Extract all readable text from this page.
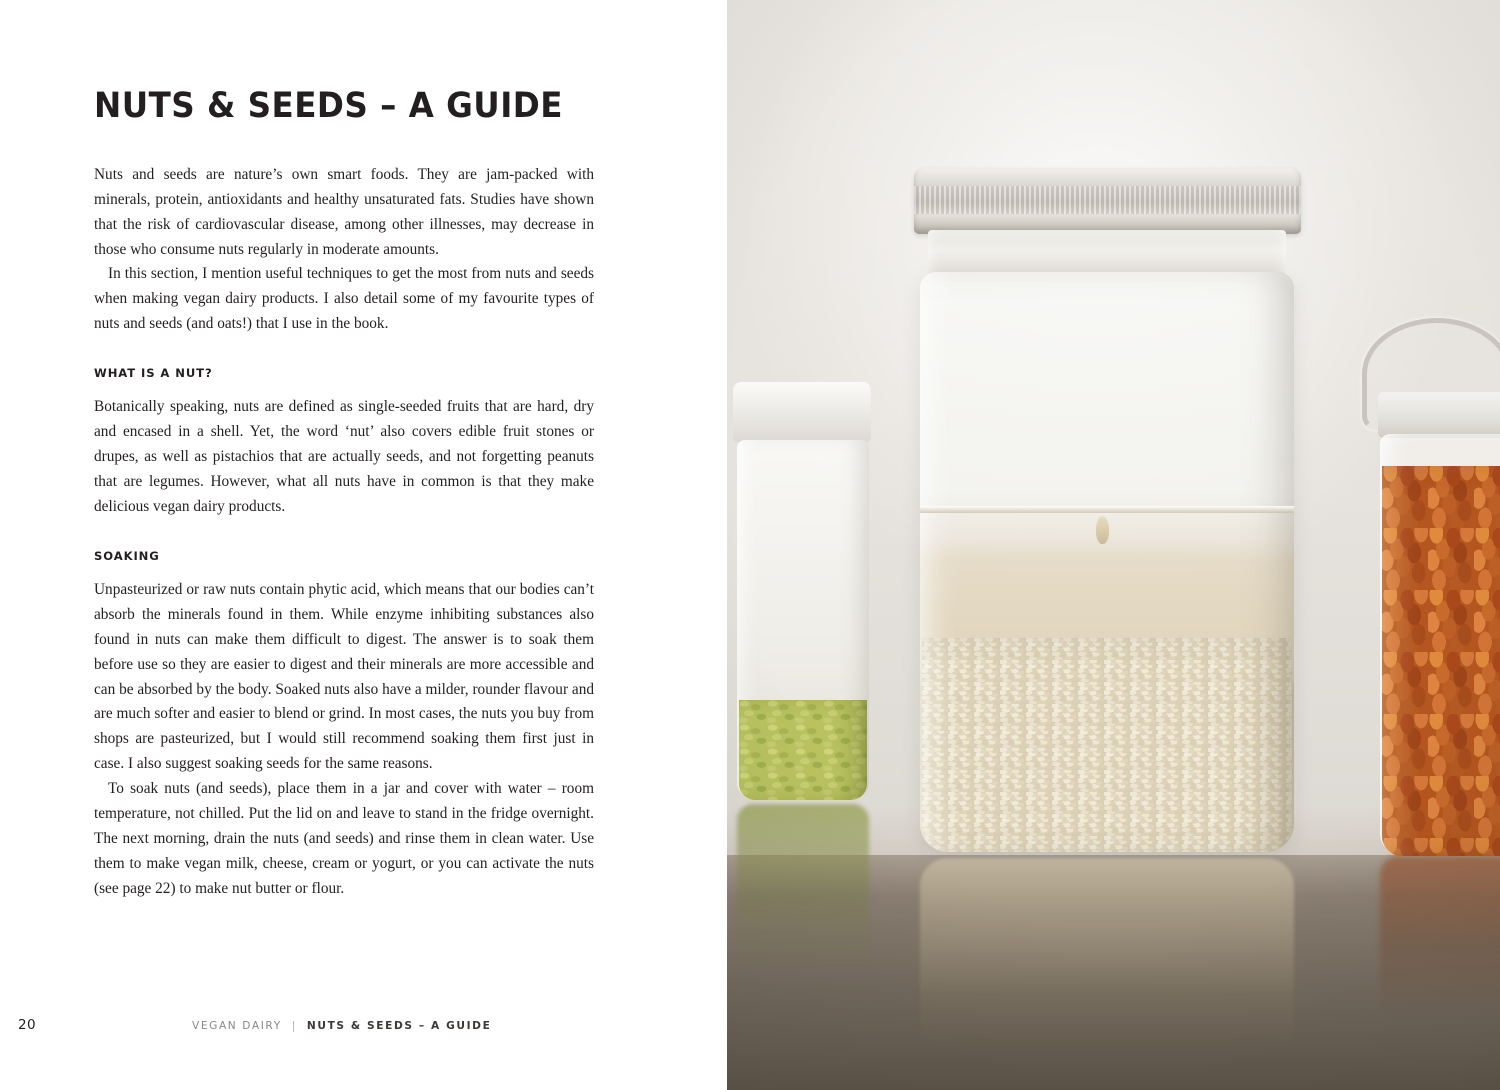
NUTS & SEEDS – A GUIDE

Nuts and seeds are nature’s own smart foods. They are jam-packed with minerals, protein, antioxidants and healthy unsaturated fats. Studies have shown that the risk of cardiovascular disease, among other illnesses, may decrease in those who consume nuts regularly in moderate amounts.

In this section, I mention useful techniques to get the most from nuts and seeds when making vegan dairy products. I also detail some of my favourite types of nuts and seeds (and oats!) that I use in the book.

WHAT IS A NUT?

Botanically speaking, nuts are defined as single-seeded fruits that are hard, dry and encased in a shell. Yet, the word ‘nut’ also covers edible fruit stones or drupes, as well as pistachios that are actually seeds, and not forgetting peanuts that are legumes. However, what all nuts have in common is that they make delicious vegan dairy products.

SOAKING

Unpasteurized or raw nuts contain phytic acid, which means that our bodies can’t absorb the minerals found in them. While enzyme inhibiting substances also found in nuts can make them difficult to digest. The answer is to soak them before use so they are easier to digest and their minerals are more accessible and can be absorbed by the body. Soaked nuts also have a milder, rounder flavour and are much softer and easier to blend or grind. In most cases, the nuts you buy from shops are pasteurized, but I would still recommend soaking them first just in case. I also suggest soaking seeds for the same reasons.

To soak nuts (and seeds), place them in a jar and cover with water – room temperature, not chilled. Put the lid on and leave to stand in the fridge overnight. The next morning, drain the nuts (and seeds) and rinse them in clean water. Use them to make vegan milk, cheese, cream or yogurt, or you can activate the nuts (see page 22) to make nut butter or flour.

20	VEGAN DAIRY | NUTS & SEEDS – A GUIDE
